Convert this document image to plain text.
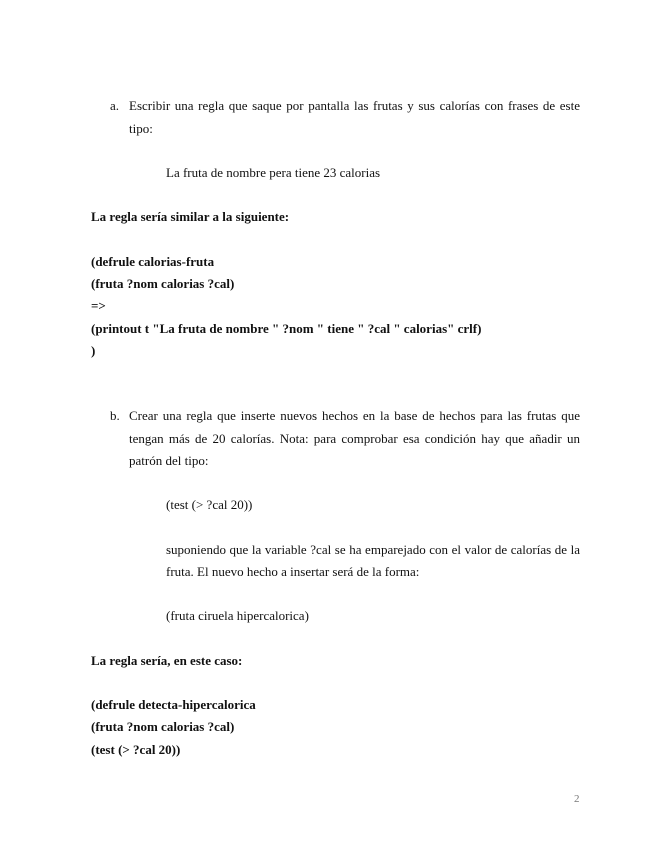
a. Escribir una regla que saque por pantalla las frutas y sus calorías con frases de este
tipo:
La fruta de nombre pera tiene 23 calorias
La regla sería similar a la siguiente:
(defrule calorias-fruta
(fruta ?nom calorias ?cal)
=>
(printout t "La fruta de nombre " ?nom " tiene " ?cal " calorias" crlf)
)
b. Crear una regla que inserte nuevos hechos en la base de hechos para las frutas que
tengan más de 20 calorías. Nota: para comprobar esa condición hay que añadir un
patrón del tipo:
(test (> ?cal 20))
suponiendo que la variable ?cal se ha emparejado con el valor de calorías de la
fruta. El nuevo hecho a insertar será de la forma:
(fruta ciruela hipercalorica)
La regla sería, en este caso:
(defrule detecta-hipercalorica
(fruta ?nom calorias ?cal)
(test (> ?cal 20))
2
